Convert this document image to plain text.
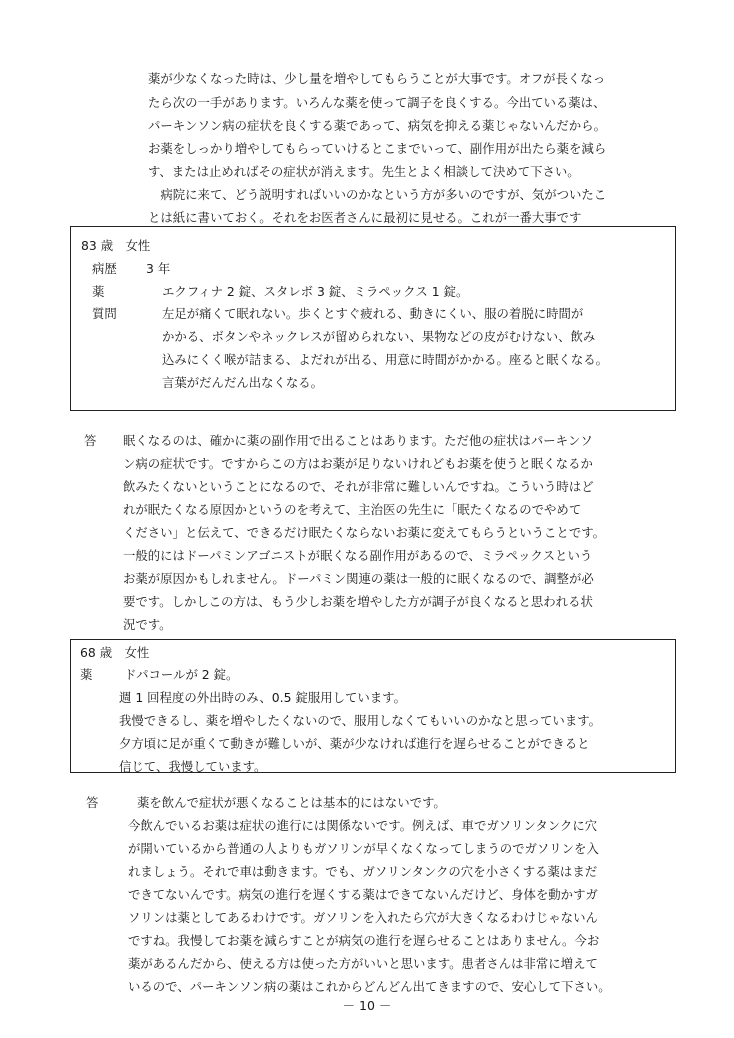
薬が少なくなった時は、少し量を増やしてもらうことが大事です。オフが長くなっ
たら次の一手があります。いろんな薬を使って調子を良くする。今出ている薬は、
パーキンソン病の症状を良くする薬であって、病気を抑える薬じゃないんだから。
お薬をしっかり増やしてもらっていけるとこまでいって、副作用が出たら薬を減ら
す、または止めればその症状が消えます。先生とよく相談して決めて下さい。
　病院に来て、どう説明すればいいのかなという方が多いのですが、気がついたこ
とは紙に書いておく。それをお医者さんに最初に見せる。これが一番大事です
83 歳　女性
病歴 3 年
薬	エクフィナ 2 錠、スタレボ 3 錠、ミラペックス 1 錠。
質問	左足が痛くて眠れない。歩くとすぐ疲れる、動きにくい、服の着脱に時間が
かかる、ボタンやネックレスが留められない、果物などの皮がむけない、飲み
込みにくく喉が詰まる、よだれが出る、用意に時間がかかる。座ると眠くなる。
言葉がだんだん出なくなる。
答 眠くなるのは、確かに薬の副作用で出ることはあります。ただ他の症状はパーキンソ
ン病の症状です。ですからこの方はお薬が足りないけれどもお薬を使うと眠くなるか
飲みたくないということになるので、それが非常に難しいんですね。こういう時はど
れが眠たくなる原因かというのを考えて、主治医の先生に「眠たくなるのでやめて
ください」と伝えて、できるだけ眠たくならないお薬に変えてもらうということです。
一般的にはドーパミンアゴニストが眠くなる副作用があるので、ミラペックスという
お薬が原因かもしれません。ドーパミン関連の薬は一般的に眠くなるので、調整が必
要です。しかしこの方は、もう少しお薬を増やした方が調子が良くなると思われる状
況です。
68 歳　女性
薬	ドパコールが 2 錠。
週 1 回程度の外出時のみ、0.5 錠服用しています。
我慢できるし、薬を増やしたくないので、服用しなくてもいいのかなと思っています。
夕方頃に足が重くて動きが難しいが、薬が少なければ進行を遅らせることができると
信じて、我慢しています。
答	薬を飲んで症状が悪くなることは基本的にはないです。
今飲んでいるお薬は症状の進行には関係ないです。例えば、車でガソリンタンクに穴
が開いているから普通の人よりもガソリンが早くなくなってしまうのでガソリンを入
れましょう。それで車は動きます。でも、ガソリンタンクの穴を小さくする薬はまだ
できてないんです。病気の進行を遅くする薬はできてないんだけど、身体を動かすガ
ソリンは薬としてあるわけです。ガソリンを入れたら穴が大きくなるわけじゃないん
ですね。我慢してお薬を減らすことが病気の進行を遅らせることはありません。今お
薬があるんだから、使える方は使った方がいいと思います。患者さんは非常に増えて
いるので、パーキンソン病の薬はこれからどんどん出てきますので、安心して下さい。
－ 10 －
